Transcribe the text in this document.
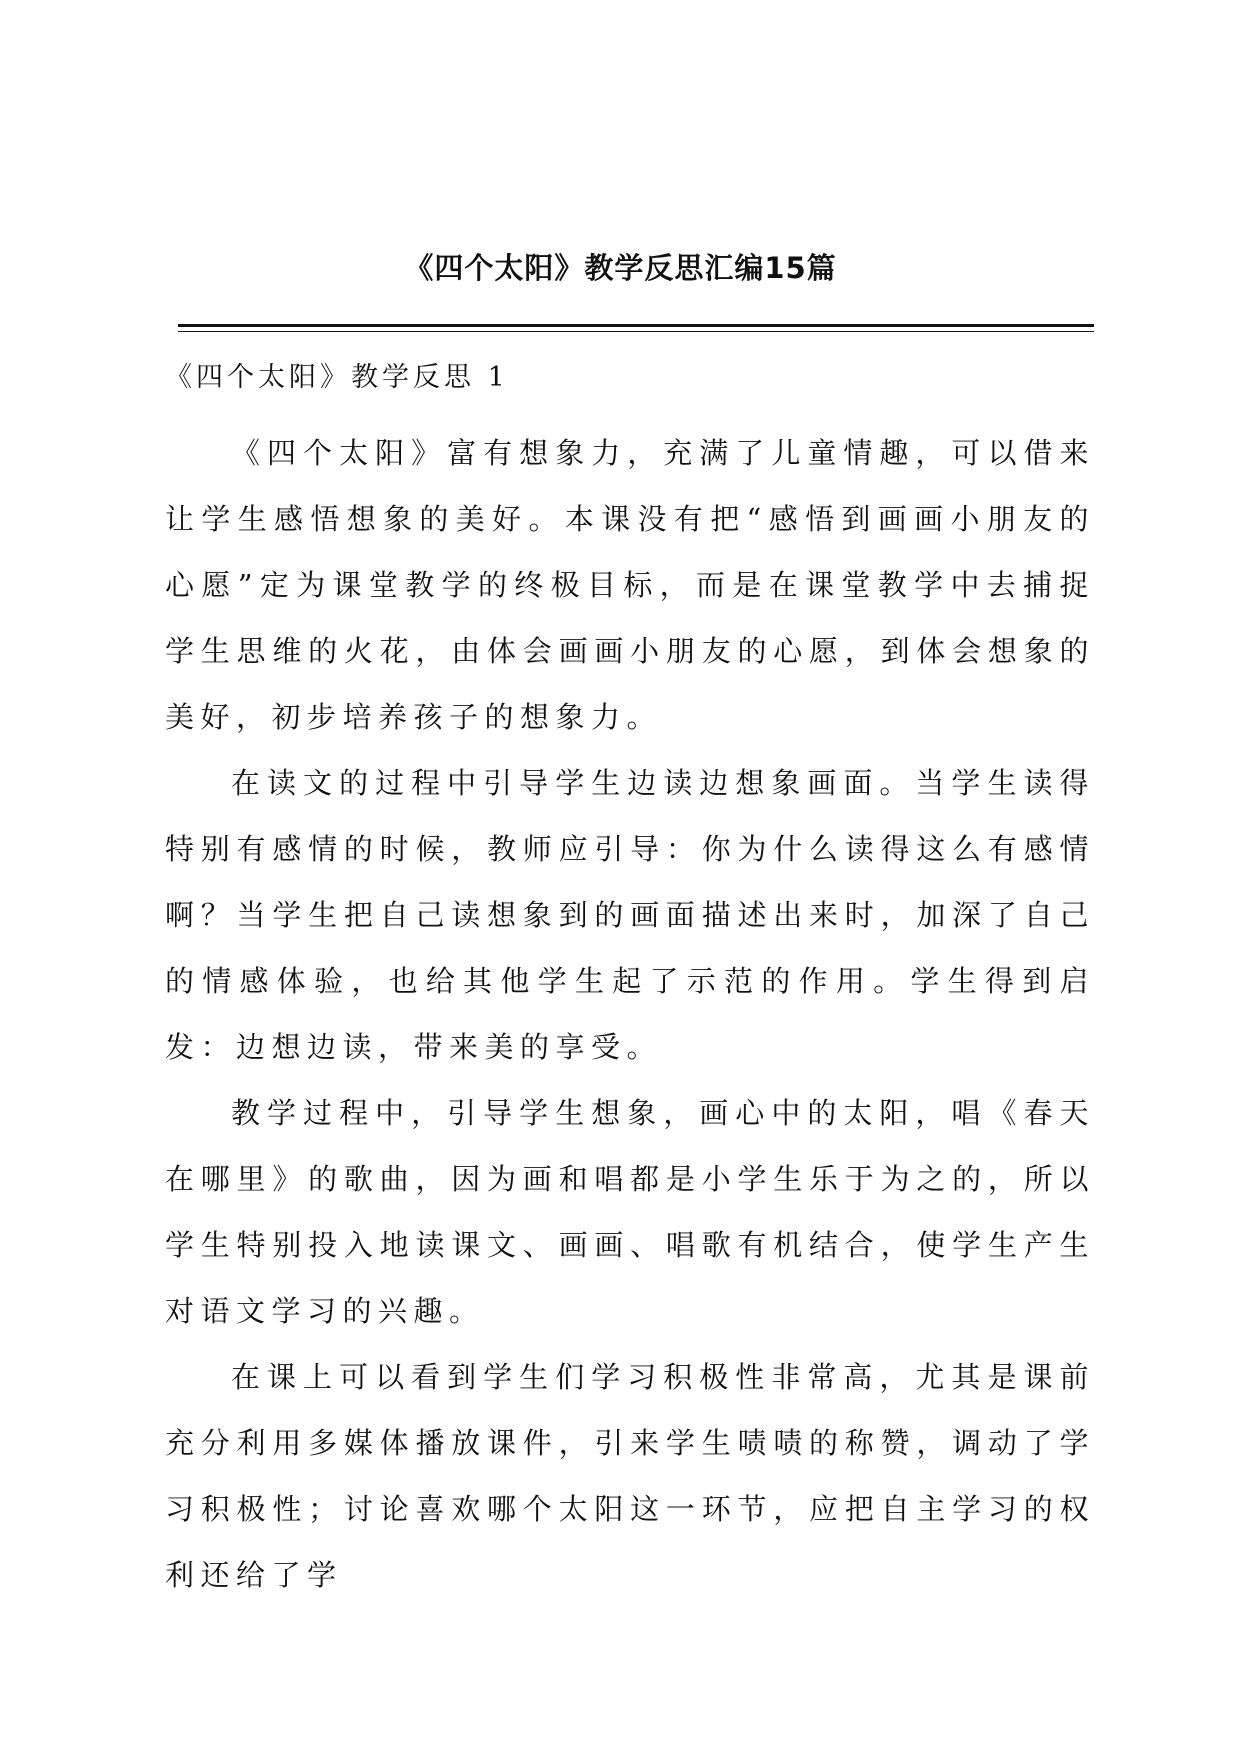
《四个太阳》教学反思汇编15篇
《四个太阳》教学反思 1

《四个太阳》富有想象力，充满了儿童情趣，可以借来让学生感悟想象的美好。本课没有把“感悟到画画小朋友的心愿”定为课堂教学的终极目标，而是在课堂教学中去捕捉学生思维的火花，由体会画画小朋友的心愿，到体会想象的美好，初步培养孩子的想象力。

在读文的过程中引导学生边读边想象画面。当学生读得特别有感情的时候，教师应引导：你为什么读得这么有感情啊？当学生把自己读想象到的画面描述出来时，加深了自己的情感体验，也给其他学生起了示范的作用。学生得到启发：边想边读，带来美的享受。

教学过程中，引导学生想象，画心中的太阳，唱《春天在哪里》的歌曲，因为画和唱都是小学生乐于为之的，所以学生特别投入地读课文、画画、唱歌有机结合，使学生产生对语文学习的兴趣。

在课上可以看到学生们学习积极性非常高，尤其是课前充分利用多媒体播放课件，引来学生啧啧的称赞，调动了学习积极性；讨论喜欢哪个太阳这一环节，应把自主学习的权利还给了学
